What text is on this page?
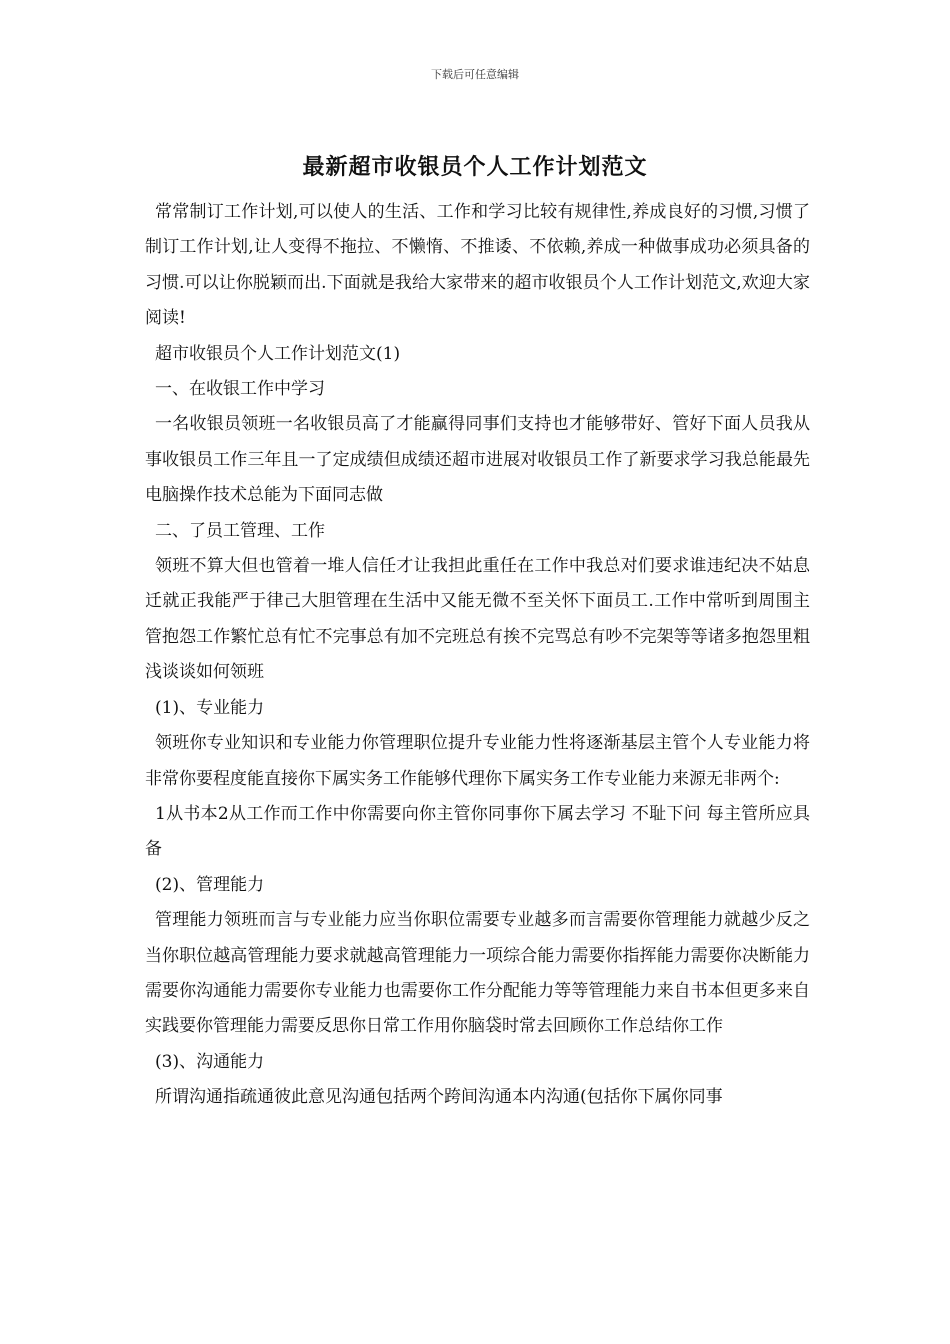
下载后可任意编辑
最新超市收银员个人工作计划范文

常常制订工作计划,可以使人的生活、工作和学习比较有规律性,养成良好的习惯,习惯了制订工作计划,让人变得不拖拉、不懒惰、不推诿、不依赖,养成一种做事成功必须具备的习惯.可以让你脱颖而出.下面就是我给大家带来的超市收银员个人工作计划范文,欢迎大家阅读!

超市收银员个人工作计划范文(1)

一、在收银工作中学习

一名收银员领班一名收银员高了才能赢得同事们支持也才能够带好、管好下面人员我从事收银员工作三年且一了定成绩但成绩还超市进展对收银员工作了新要求学习我总能最先电脑操作技术总能为下面同志做

二、了员工管理、工作

领班不算大但也管着一堆人信任才让我担此重任在工作中我总对们要求谁违纪决不姑息迁就正我能严于律己大胆管理在生活中又能无微不至关怀下面员工.工作中常听到周围主管抱怨工作繁忙总有忙不完事总有加不完班总有挨不完骂总有吵不完架等等诸多抱怨里粗浅谈谈如何领班

(1)、专业能力

领班你专业知识和专业能力你管理职位提升专业能力性将逐渐基层主管个人专业能力将非常你要程度能直接你下属实务工作能够代理你下属实务工作专业能力来源无非两个:

1从书本2从工作而工作中你需要向你主管你同事你下属去学习 不耻下问 每主管所应具备

(2)、管理能力

管理能力领班而言与专业能力应当你职位需要专业越多而言需要你管理能力就越少反之当你职位越高管理能力要求就越高管理能力一项综合能力需要你指挥能力需要你决断能力需要你沟通能力需要你专业能力也需要你工作分配能力等等管理能力来自书本但更多来自实践要你管理能力需要反思你日常工作用你脑袋时常去回顾你工作总结你工作

(3)、沟通能力

所谓沟通指疏通彼此意见沟通包括两个跨间沟通本内沟通(包括你下属你同事
